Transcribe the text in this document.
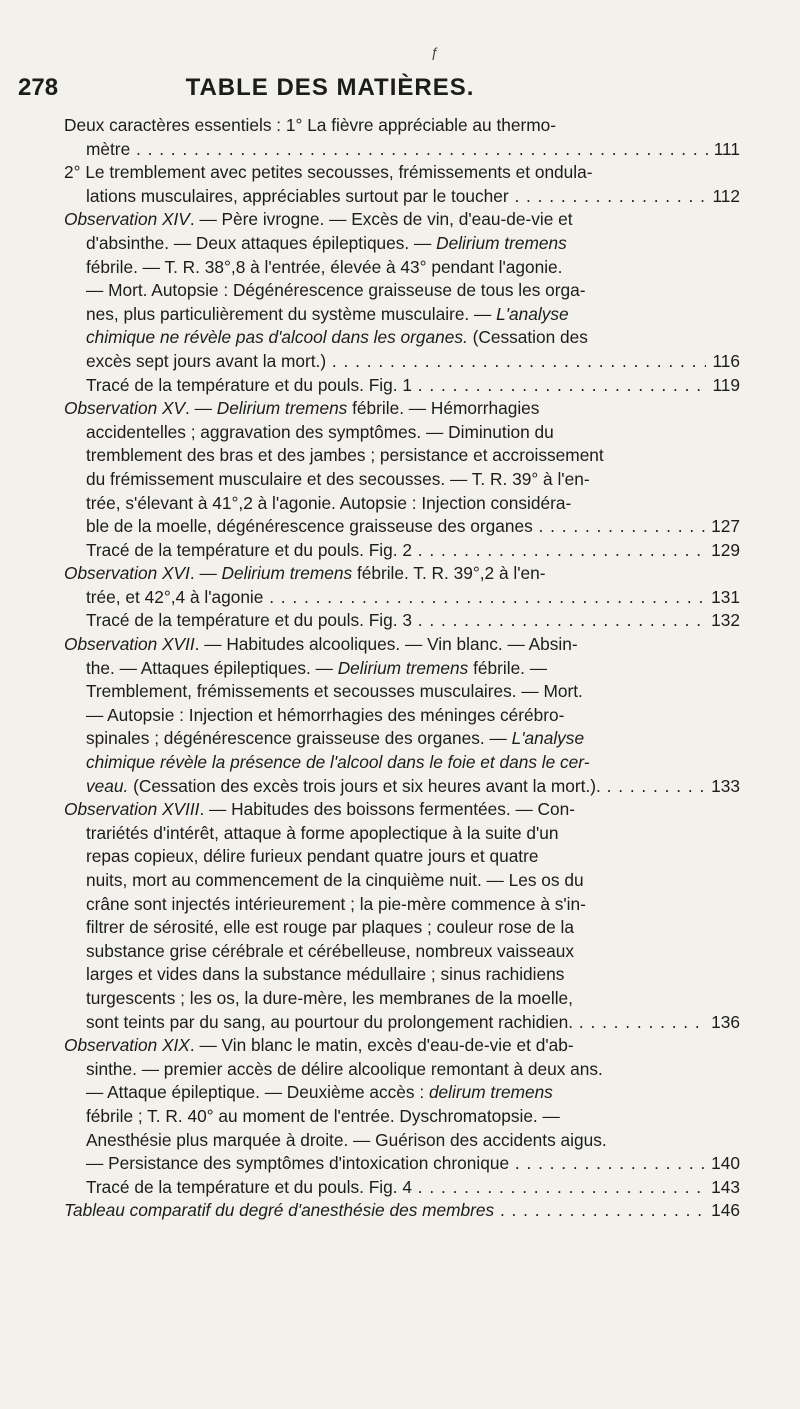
ƒ
278	TABLE DES MATIÈRES.
Deux caractères essentiels : 1° La fièvre appréciable au thermo-
mètre . . .	111
2° Le tremblement avec petites secousses, frémissements et ondula-
lations musculaires, appréciables surtout par le toucher . . .	112
Observation XIV. — Père ivrogne. — Excès de vin, d'eau-de-vie et
d'absinthe. — Deux attaques épileptiques. — Delirium tremens
fébrile. — T. R. 38°,8 à l'entrée, élevée à 43° pendant l'agonie.
— Mort. Autopsie : Dégénérescence graisseuse de tous les orga-
nes, plus particulièrement du système musculaire. — L'analyse
chimique ne révèle pas d'alcool dans les organes. (Cessation des
excès sept jours avant la mort.) . . .	116
Tracé de la température et du pouls. Fig. 1 . . .	119
Observation XV. — Delirium tremens fébrile. — Hémorrhagies
accidentelles ; aggravation des symptômes. — Diminution du
tremblement des bras et des jambes ; persistance et accroissement
du frémissement musculaire et des secousses. — T. R. 39° à l'en-
trée, s'élevant à 41°,2 à l'agonie. Autopsie : Injection considéra-
ble de la moelle, dégénérescence graisseuse des organes . . .	127
Tracé de la température et du pouls. Fig. 2 . . .	129
Observation XVI. — Delirium tremens fébrile. T. R. 39°,2 à l'en-
trée, et 42°,4 à l'agonie . . .	131
Tracé de la température et du pouls. Fig. 3 . . .	132
Observation XVII. — Habitudes alcooliques. — Vin blanc. — Absin-
the. — Attaques épileptiques. — Delirium tremens fébrile. —
Tremblement, frémissements et secousses musculaires. — Mort.
— Autopsie : Injection et hémorrhagies des méninges cérébro-
spinales ; dégénérescence graisseuse des organes. — L'analyse
chimique révèle la présence de l'alcool dans le foie et dans le cer-
veau. (Cessation des excès trois jours et six heures avant la mort.). . . .	133
Observation XVIII. — Habitudes des boissons fermentées. — Con-
trariétés d'intérêt, attaque à forme apoplectique à la suite d'un
repas copieux, délire furieux pendant quatre jours et quatre
nuits, mort au commencement de la cinquième nuit. — Les os du
crâne sont injectés intérieurement ; la pie-mère commence à s'in-
filtrer de sérosité, elle est rouge par plaques ; couleur rose de la
substance grise cérébrale et cérébelleuse, nombreux vaisseaux
larges et vides dans la substance médullaire ; sinus rachidiens
turgescents ; les os, la dure-mère, les membranes de la moelle,
sont teints par du sang, au pourtour du prolongement rachidien. . . .	136
Observation XIX. — Vin blanc le matin, excès d'eau-de-vie et d'ab-
sinthe. — premier accès de délire alcoolique remontant à deux ans.
— Attaque épileptique. — Deuxième accès : delirum tremens
fébrile ; T. R. 40° au moment de l'entrée. Dyschromatopsie. —
Anesthésie plus marquée à droite. — Guérison des accidents aigus.
— Persistance des symptômes d'intoxication chronique . . .	140
Tracé de la température et du pouls. Fig. 4 . . .	143
Tableau comparatif du degré d'anesthésie des membres . . .	146
